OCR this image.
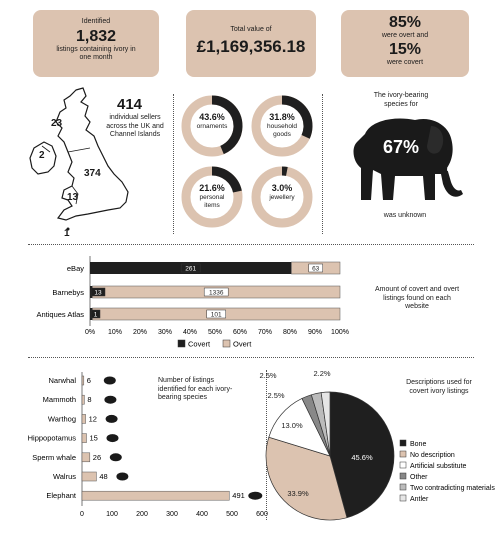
Identified
1,832
listings containing ivory in one month
Total value of
£1,169,356.18
85%
were overt and
15%
were covert
23
2
374
13
1
414
individual sellers across the UK and Channel Islands
43.6%
ornaments
31.8%
household goods
21.6%
personal items
3.0%
jewellery
The ivory-bearing species for
67%
was unknown
eBay	261	63
Barnebys 13	1336
Antiques Atlas 1	101
0% 10% 20% 30% 40% 50% 60% 70% 80% 90% 100%
Covert	Overt
Amount of covert and overt listings found on each website
Narwhal 6
Mammoth 8
Warthog 12
Hippopotamus 15
Sperm whale 26
Walrus	48
Elephant	491
0	100	200	300	400	500	600
Number of listings identified for each ivory-bearing species
45.6%
33.9%
13.0%
2.5%
2.5%	2.2%
Bone
No description
Artificial substitute
Other
Two contradicting materials
Antler
Descriptions used for covert ivory listings
